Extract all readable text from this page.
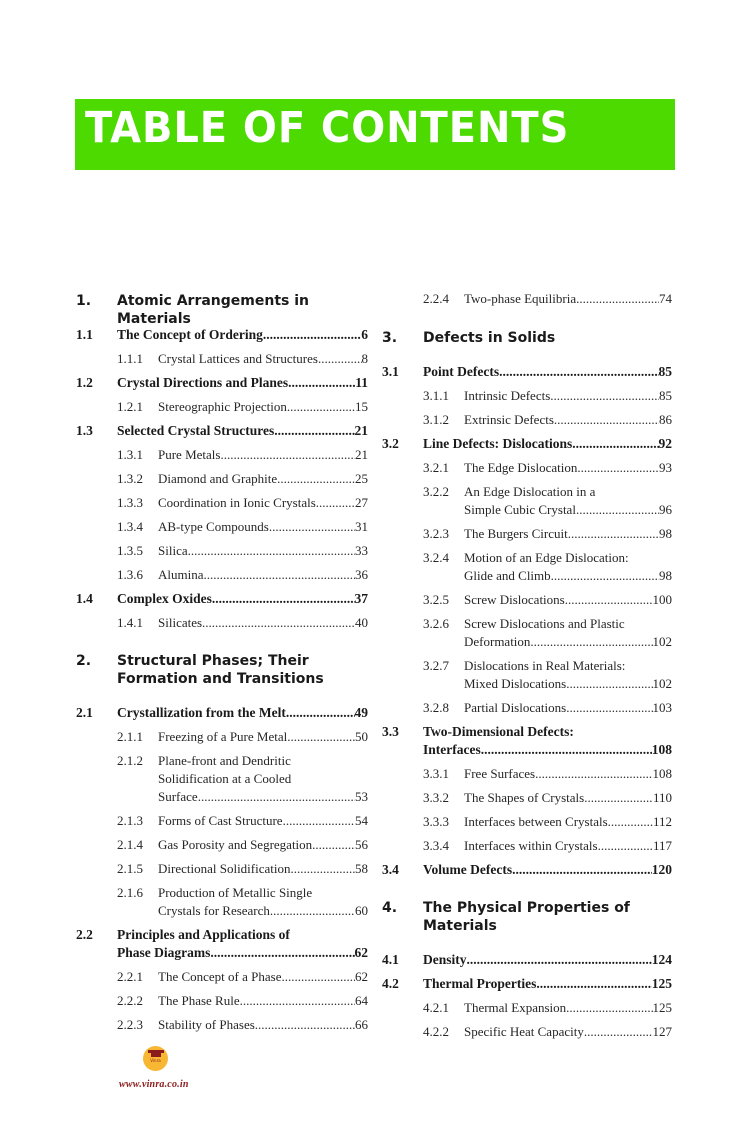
TABLE OF CONTENTS
1. Atomic Arrangements in Materials
1.1 The Concept of Ordering .....	6
1.1.1 Crystal Lattices and Structures .....	8
1.2 Crystal Directions and Planes .....	11
1.2.1 Stereographic Projection .....	15
1.3 Selected Crystal Structures .....	21
1.3.1 Pure Metals .....	21
1.3.2 Diamond and Graphite .....	25
1.3.3 Coordination in Ionic Crystals .....	27
1.3.4 AB-type Compounds .....	31
1.3.5 Silica .....	33
1.3.6 Alumina .....	36
1.4 Complex Oxides .....	37
1.4.1 Silicates .....	40
2. Structural Phases; Their
Formation and Transitions
2.1 Crystallization from the Melt .....	49
2.1.1 Freezing of a Pure Metal .....	50
2.1.2 Plane-front and Dendritic
Solidification at a Cooled
Surface .....	53
2.1.3 Forms of Cast Structure .....	54
2.1.4 Gas Porosity and Segregation .....	56
2.1.5 Directional Solidification .....	58
2.1.6 Production of Metallic Single
Crystals for Research .....	60
2.2 Principles and Applications of
Phase Diagrams .....	62
2.2.1 The Concept of a Phase .....	62
2.2.2 The Phase Rule .....	64
2.2.3 Stability of Phases .....	66
2.2.4 Two-phase Equilibria .....	74
3. Defects in Solids
3.1 Point Defects .....	85
3.1.1 Intrinsic Defects .....	85
3.1.2 Extrinsic Defects .....	86
3.2 Line Defects: Dislocations .....	92
3.2.1 The Edge Dislocation .....	93
3.2.2 An Edge Dislocation in a
Simple Cubic Crystal .....	96
3.2.3 The Burgers Circuit .....	98
3.2.4 Motion of an Edge Dislocation:
Glide and Climb .....	98
3.2.5 Screw Dislocations .....	100
3.2.6 Screw Dislocations and Plastic
Deformation .....	102
3.2.7 Dislocations in Real Materials:
Mixed Dislocations .....	102
3.2.8 Partial Dislocations .....	103
3.3 Two-Dimensional Defects:
Interfaces .....	108
3.3.1 Free Surfaces .....	108
3.3.2 The Shapes of Crystals .....	110
3.3.3 Interfaces between Crystals .....	112
3.3.4 Interfaces within Crystals .....	117
3.4 Volume Defects .....	120
4. The Physical Properties of
Materials
4.1 Density .....	124
4.2 Thermal Properties .....	125
4.2.1 Thermal Expansion .....	125
4.2.2 Specific Heat Capacity .....	127
Vinra
www.vinra.co.in
